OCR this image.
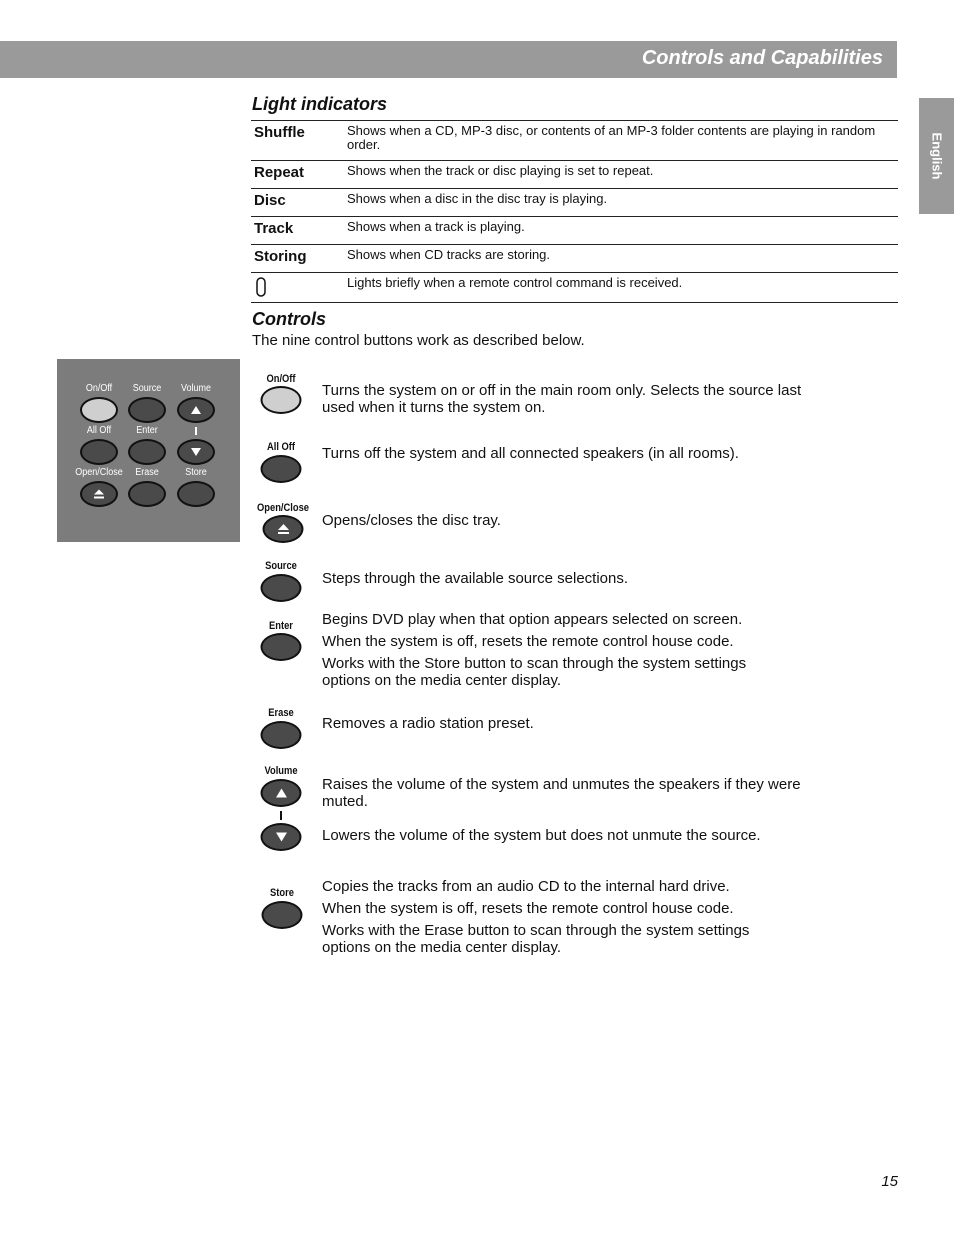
Controls and Capabilities
English
Light indicators
Shuffle	Shows when a CD, MP-3 disc, or contents of an MP-3 folder contents are playing in random order.
Repeat	Shows when the track or disc playing is set to repeat.
Disc	Shows when a disc in the disc tray is playing.
Track	Shows when a track is playing.
Storing	Shows when CD tracks are storing.
	Lights briefly when a remote control command is received.
Controls
The nine control buttons work as described below.
On/Off Source Volume
All Off	Enter
Open/Close Erase	Store
On/Off
Turns the system on or off in the main room only. Selects the source last used when it turns the system on.
All Off Turns off the system and all connected speakers (in all rooms).
Open/Close
Opens/closes the disc tray.
Source
Steps through the available source selections.
Enter Begins DVD play when that option appears selected on screen.
When the system is off, resets the remote control house code.
Works with the Store button to scan through the system settings options on the media center display.
Erase
Removes a radio station preset.
Volume
Raises the volume of the system and unmutes the speakers if they were muted.
Lowers the volume of the system but does not unmute the source.
Store Copies the tracks from an audio CD to the internal hard drive.
When the system is off, resets the remote control house code.
Works with the Erase button to scan through the system settings options on the media center display.
15
